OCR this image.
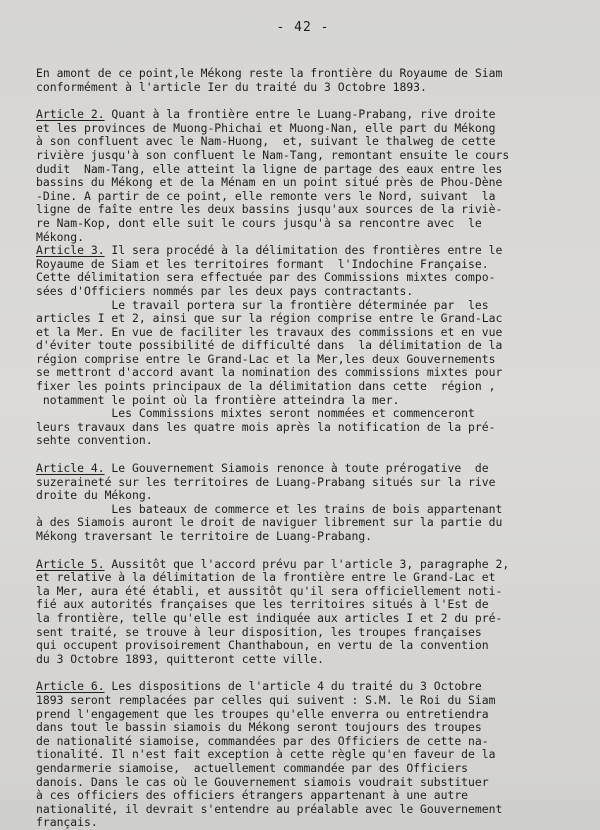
- 42 -
En amont de ce point,le Mékong reste la frontière du Royaume de Siam
conformément à l'article Ier du traité du 3 Octobre 1893.
Article 2. Quant à la frontière entre le Luang-Prabang, rive droite
et les provinces de Muong-Phichai et Muong-Nan, elle part du Mékong
à son confluent avec le Nam-Huong,  et, suivant le thalweg de cette
rivière jusqu'à son confluent le Nam-Tang, remontant ensuite le cours
dudit  Nam-Tang, elle atteint la ligne de partage des eaux entre les
bassins du Mékong et de la Ménam en un point situé près de Phou-Dène
-Dine. A partir de ce point, elle remonte vers le Nord, suivant  la
ligne de faîte entre les deux bassins jusqu'aux sources de la riviè-
re Nam-Kop, dont elle suit le cours jusqu'à sa rencontre avec  le
Mékong.
Article 3. Il sera procédé à la délimitation des frontières entre le
Royaume de Siam et les territoires formant  l'Indochine Française.
Cette délimitation sera effectuée par des Commissions mixtes compo-
sées d'Officiers nommés par les deux pays contractants.
Le travail portera sur la frontière déterminée par  les
articles I et 2, ainsi que sur la région comprise entre le Grand-Lac
et la Mer. En vue de faciliter les travaux des commissions et en vue
d'éviter toute possibilité de difficulté dans  la délimitation de la
région comprise entre le Grand-Lac et la Mer,les deux Gouvernements
se mettront d'accord avant la nomination des commissions mixtes pour
fixer les points principaux de la délimitation dans cette  région ,
notamment le point où la frontière atteindra la mer.
Les Commissions mixtes seront nommées et commenceront
leurs travaux dans les quatre mois après la notification de la pré-
sehte convention.
Article 4. Le Gouvernement Siamois renonce à toute prérogative  de
suzeraineté sur les territoires de Luang-Prabang situés sur la rive
droite du Mékong.
Les bateaux de commerce et les trains de bois appartenant
à des Siamois auront le droit de naviguer librement sur la partie du
Mékong traversant le territoire de Luang-Prabang.
Article 5. Aussitôt que l'accord prévu par l'article 3, paragraphe 2,
et relative à la délimitation de la frontière entre le Grand-Lac et
la Mer, aura été établi, et aussitôt qu'il sera officiellement noti-
fié aux autorités françaises que les territoires situés à l'Est de
la frontière, telle qu'elle est indiquée aux articles I et 2 du pré-
sent traité, se trouve à leur disposition, les troupes françaises
qui occupent provisoirement Chanthaboun, en vertu de la convention
du 3 Octobre 1893, quitteront cette ville.
Article 6. Les dispositions de l'article 4 du traité du 3 Octobre
1893 seront remplacées par celles qui suivent : S.M. le Roi du Siam
prend l'engagement que les troupes qu'elle enverra ou entretiendra
dans tout le bassin siamois du Mékong seront toujours des troupes
de nationalité siamoise, commandées par des Officiers de cette na-
tionalité. Il n'est fait exception à cette règle qu'en faveur de la
gendarmerie siamoise,  actuellement commandée par des Officiers
danois. Dans le cas où le Gouvernement siamois voudrait substituer
à ces officiers des officiers étrangers appartenant à une autre
nationalité, il devrait s'entendre au préalable avec le Gouvernement
français.
